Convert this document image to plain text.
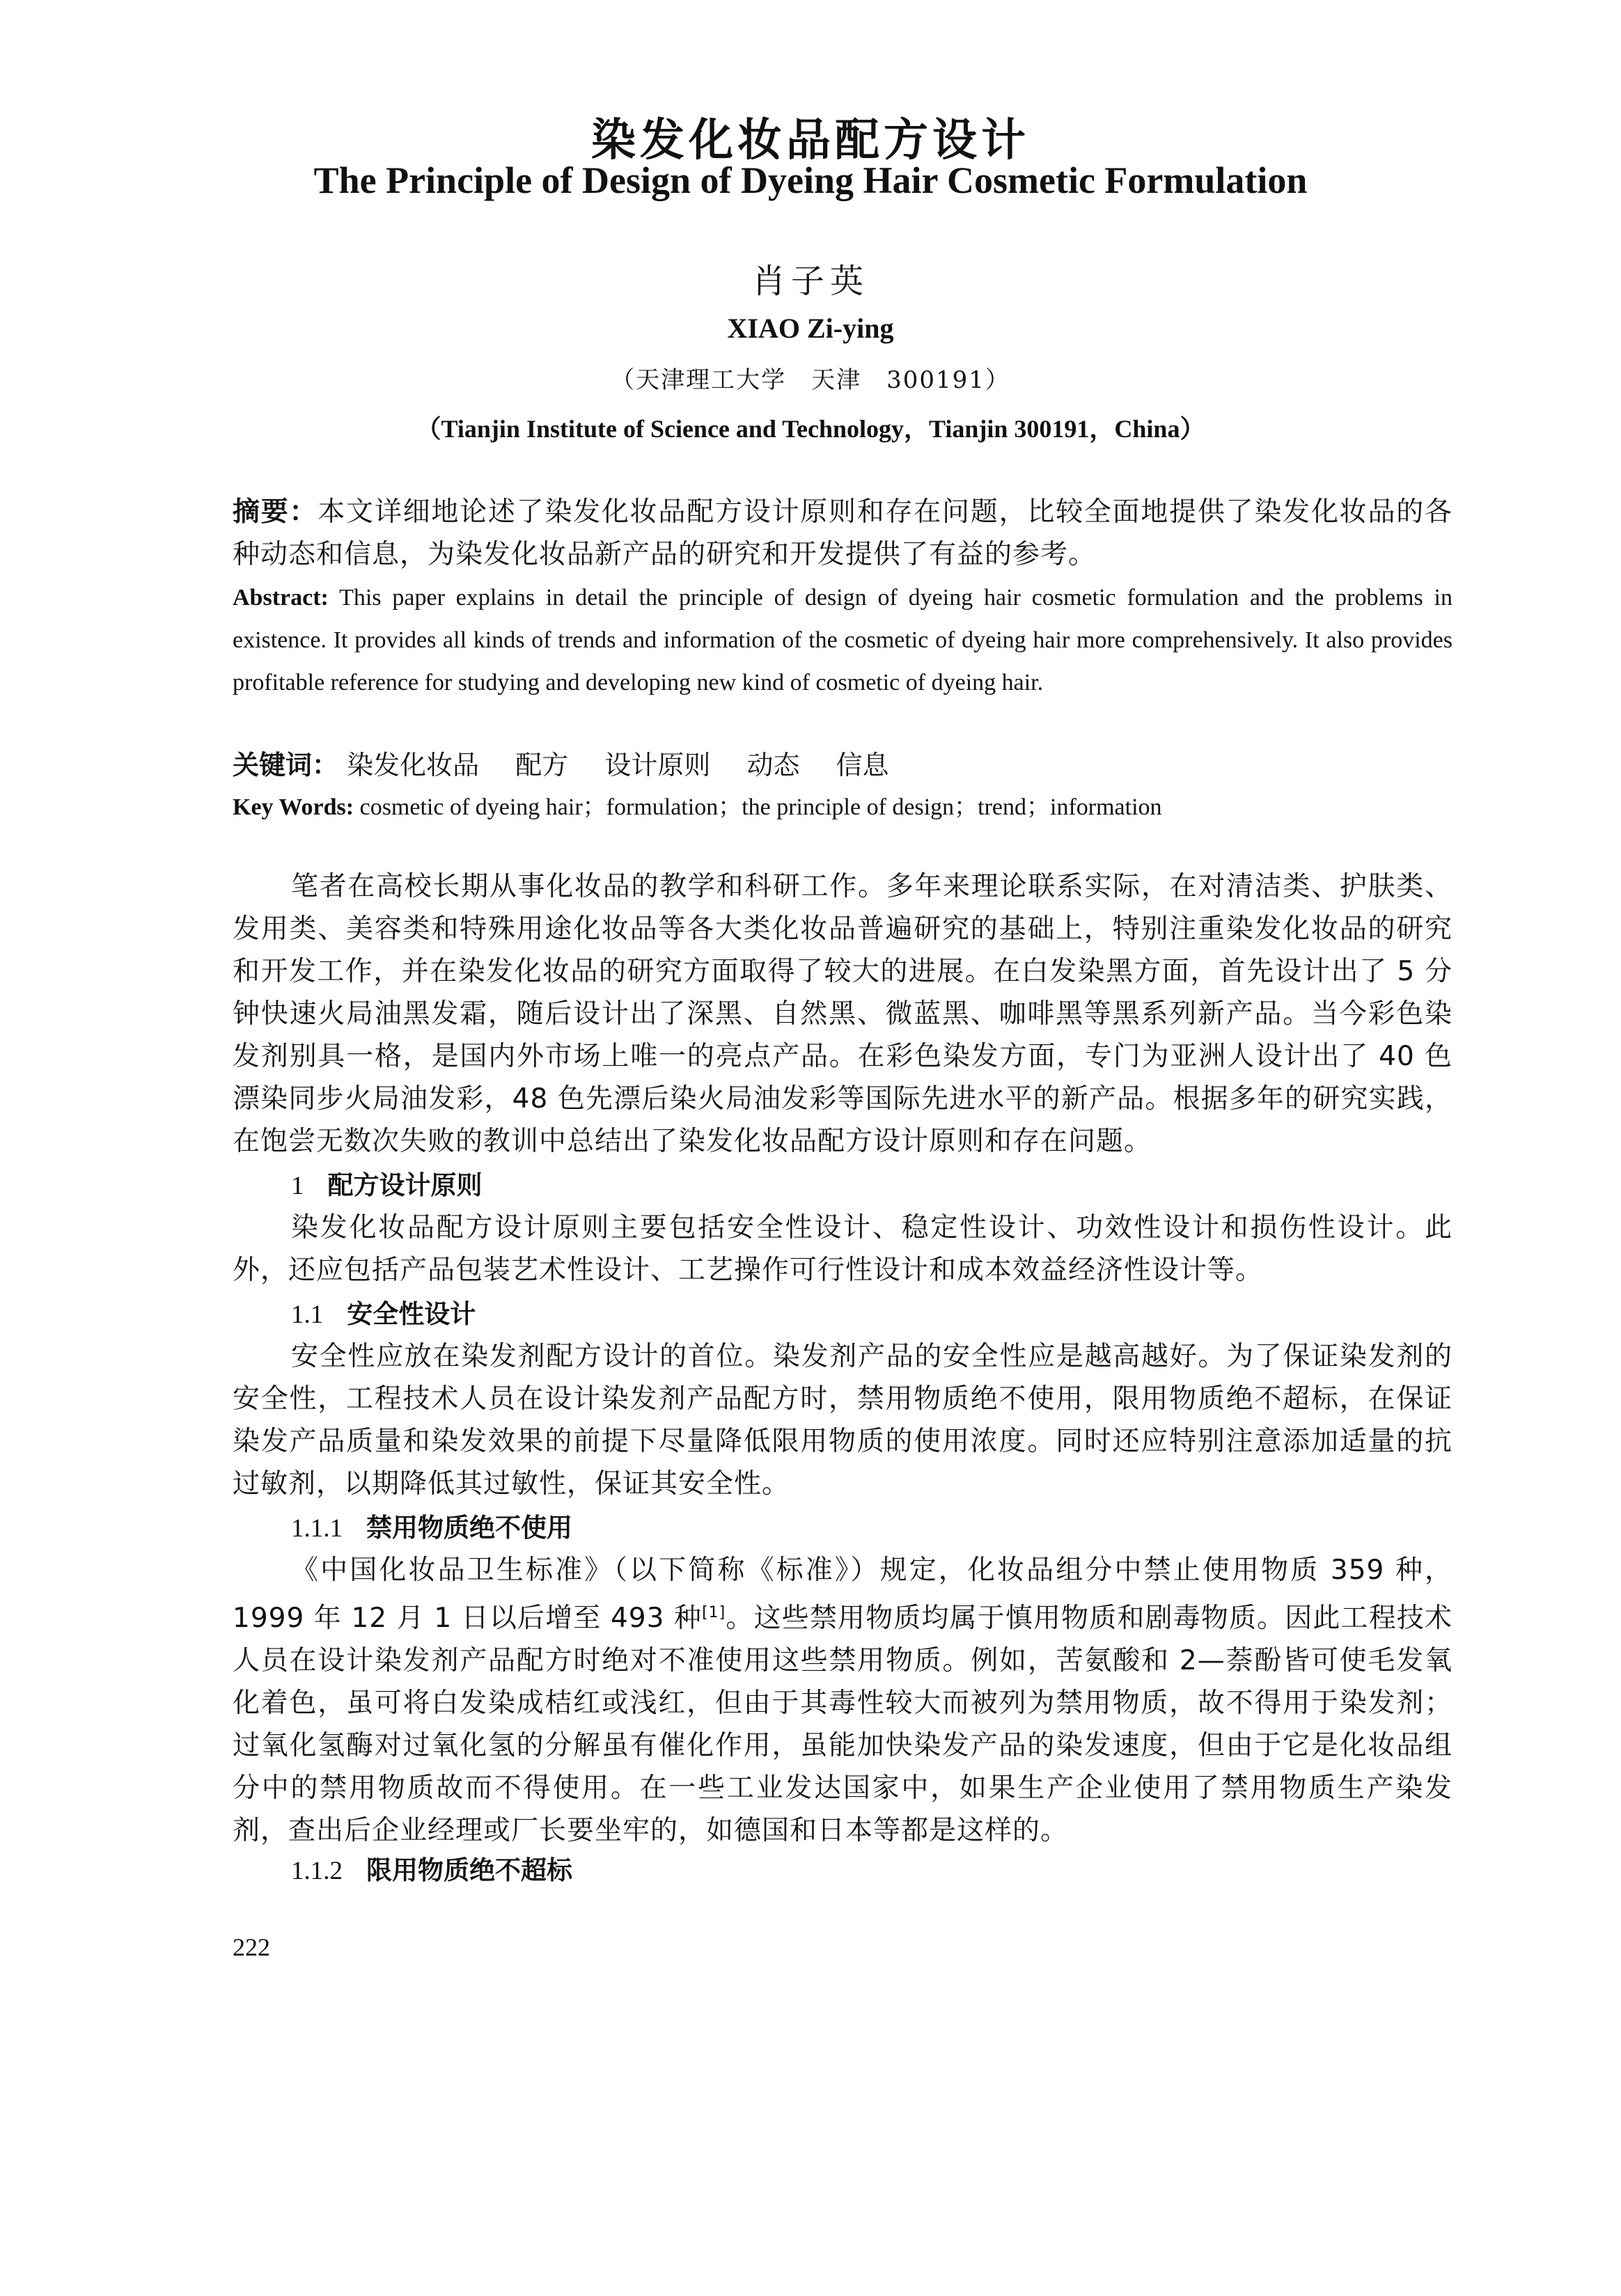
染发化妆品配方设计
The Principle of Design of Dyeing Hair Cosmetic Formulation
肖子英
XIAO Zi-ying
（天津理工大学　天津　300191）
（Tianjin Institute of Science and Technology，Tianjin 300191，China）
摘要：本文详细地论述了染发化妆品配方设计原则和存在问题，比较全面地提供了染发化妆品的各种动态和信息，为染发化妆品新产品的研究和开发提供了有益的参考。
Abstract: This paper explains in detail the principle of design of dyeing hair cosmetic formulation and the problems in existence. It provides all kinds of trends and information of the cosmetic of dyeing hair more comprehensively. It also provides profitable reference for studying and developing new kind of cosmetic of dyeing hair.
关键词： 染发化妆品 配方 设计原则 动态 信息
Key Words: cosmetic of dyeing hair；formulation；the principle of design；trend；information
笔者在高校长期从事化妆品的教学和科研工作。多年来理论联系实际，在对清洁类、护肤类、发用类、美容类和特殊用途化妆品等各大类化妆品普遍研究的基础上，特别注重染发化妆品的研究和开发工作，并在染发化妆品的研究方面取得了较大的进展。在白发染黑方面，首先设计出了 5 分钟快速火局油黑发霜，随后设计出了深黑、自然黑、微蓝黑、咖啡黑等黑系列新产品。当今彩色染发剂别具一格，是国内外市场上唯一的亮点产品。在彩色染发方面，专门为亚洲人设计出了 40 色漂染同步火局油发彩，48 色先漂后染火局油发彩等国际先进水平的新产品。根据多年的研究实践，在饱尝无数次失败的教训中总结出了染发化妆品配方设计原则和存在问题。
1 配方设计原则
染发化妆品配方设计原则主要包括安全性设计、稳定性设计、功效性设计和损伤性设计。此外，还应包括产品包装艺术性设计、工艺操作可行性设计和成本效益经济性设计等。
1.1 安全性设计
安全性应放在染发剂配方设计的首位。染发剂产品的安全性应是越高越好。为了保证染发剂的安全性，工程技术人员在设计染发剂产品配方时，禁用物质绝不使用，限用物质绝不超标，在保证染发产品质量和染发效果的前提下尽量降低限用物质的使用浓度。同时还应特别注意添加适量的抗过敏剂，以期降低其过敏性，保证其安全性。
1.1.1 禁用物质绝不使用
《中国化妆品卫生标准》（以下简称《标准》）规定，化妆品组分中禁止使用物质 359 种，1999 年 12 月 1 日以后增至 493 种[1]。这些禁用物质均属于慎用物质和剧毒物质。因此工程技术人员在设计染发剂产品配方时绝对不准使用这些禁用物质。例如，苦氨酸和 2—萘酚皆可使毛发氧化着色，虽可将白发染成桔红或浅红，但由于其毒性较大而被列为禁用物质，故不得用于染发剂；过氧化氢酶对过氧化氢的分解虽有催化作用，虽能加快染发产品的染发速度，但由于它是化妆品组分中的禁用物质故而不得使用。在一些工业发达国家中，如果生产企业使用了禁用物质生产染发剂，查出后企业经理或厂长要坐牢的，如德国和日本等都是这样的。
1.1.2 限用物质绝不超标
222
